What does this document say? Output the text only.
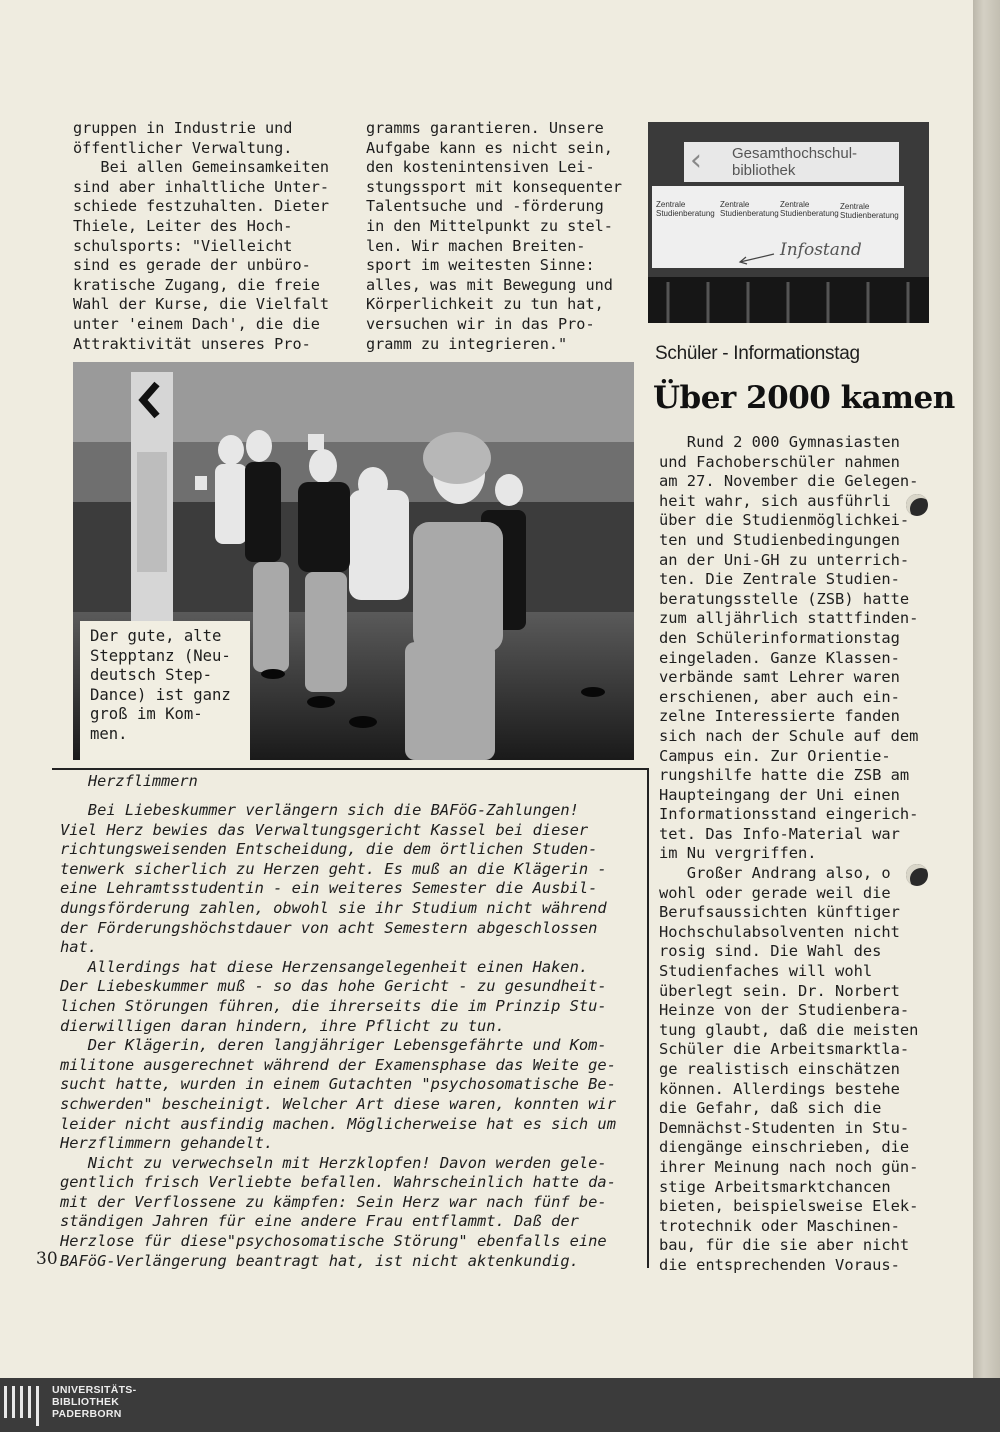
gruppen in Industrie und
öffentlicher Verwaltung.
Bei allen Gemeinsamkeiten
sind aber inhaltliche Unter-
schiede festzuhalten. Dieter
Thiele, Leiter des Hoch-
schulsports: "Vielleicht
sind es gerade der unbüro-
kratische Zugang, die freie
Wahl der Kurse, die Vielfalt
unter 'einem Dach', die die
Attraktivität unseres Pro-
gramms garantieren. Unsere
Aufgabe kann es nicht sein,
den kostenintensiven Lei-
stungssport mit konsequenter
Talentsuche und -förderung
in den Mittelpunkt zu stel-
len. Wir machen Breiten-
sport im weitesten Sinne:
alles, was mit Bewegung und
Körperlichkeit zu tun hat,
versuchen wir in das Pro-
gramm zu integrieren."
Der gute, alte
Stepptanz (Neu-
deutsch Step-
Dance) ist ganz
groß im Kom-
men.
Herzflimmern
Bei Liebeskummer verlängern sich die BAFöG-Zahlungen!
Viel Herz bewies das Verwaltungsgericht Kassel bei dieser
richtungsweisenden Entscheidung, die dem örtlichen Studen-
tenwerk sicherlich zu Herzen geht. Es muß an die Klägerin -
eine Lehramtsstudentin - ein weiteres Semester die Ausbil-
dungsförderung zahlen, obwohl sie ihr Studium nicht während
der Förderungshöchstdauer von acht Semestern abgeschlossen
hat.
Allerdings hat diese Herzensangelegenheit einen Haken.
Der Liebeskummer muß - so das hohe Gericht - zu gesundheit-
lichen Störungen führen, die ihrerseits die im Prinzip Stu-
dierwilligen daran hindern, ihre Pflicht zu tun.
Der Klägerin, deren langjähriger Lebensgefährte und Kom-
militone ausgerechnet während der Examensphase das Weite ge-
sucht hatte, wurden in einem Gutachten "psychosomatische Be-
schwerden" bescheinigt. Welcher Art diese waren, konnten wir
leider nicht ausfindig machen. Möglicherweise hat es sich um
Herzflimmern gehandelt.
Nicht zu verwechseln mit Herzklopfen! Davon werden gele-
gentlich frisch Verliebte befallen. Wahrscheinlich hatte da-
mit der Verflossene zu kämpfen: Sein Herz war nach fünf be-
ständigen Jahren für eine andere Frau entflammt. Daß der
Herzlose für diese"psychosomatische Störung" ebenfalls eine
BAFöG-Verlängerung beantragt hat, ist nicht aktenkundig.
30
‹ Gesamthochschul-
bibliothek
Zentrale
Studienberatung
Zentrale
Studienberatung
Zentrale
Studienberatung
Zentrale
Studienberatung
Infostand
Schüler - Informationstag
Über 2000 kamen
Rund 2 000 Gymnasiasten
und Fachoberschüler nahmen
am 27. November die Gelegen-
heit wahr, sich ausführli
über die Studienmöglichkei-
ten und Studienbedingungen
an der Uni-GH zu unterrich-
ten. Die Zentrale Studien-
beratungsstelle (ZSB) hatte
zum alljährlich stattfinden-
den Schülerinformationstag
eingeladen. Ganze Klassen-
verbände samt Lehrer waren
erschienen, aber auch ein-
zelne Interessierte fanden
sich nach der Schule auf dem
Campus ein. Zur Orientie-
rungshilfe hatte die ZSB am
Haupteingang der Uni einen
Informationsstand eingerich-
tet. Das Info-Material war
im Nu vergriffen.
Großer Andrang also, o
wohl oder gerade weil die
Berufsaussichten künftiger
Hochschulabsolventen nicht
rosig sind. Die Wahl des
Studienfaches will wohl
überlegt sein. Dr. Norbert
Heinze von der Studienbera-
tung glaubt, daß die meisten
Schüler die Arbeitsmarktla-
ge realistisch einschätzen
können. Allerdings bestehe
die Gefahr, daß sich die
Demnächst-Studenten in Stu-
diengänge einschrieben, die
ihrer Meinung nach noch gün-
stige Arbeitsmarktchancen
bieten, beispielsweise Elek-
trotechnik oder Maschinen-
bau, für die sie aber nicht
die entsprechenden Voraus-
UNIVERSITÄTS-
BIBLIOTHEK
PADERBORN
